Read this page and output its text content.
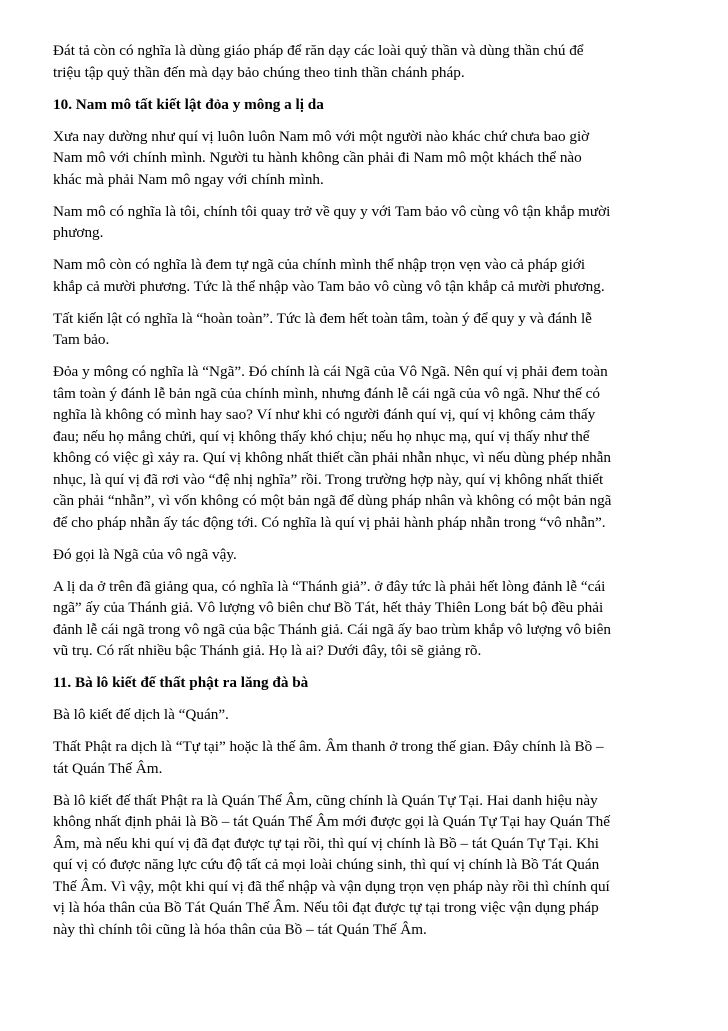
Đát tả còn có nghĩa là dùng giáo pháp để răn dạy các loài quỷ thần và dùng thần chú để
triệu tập quỷ thần đến mà dạy bảo chúng theo tinh thần chánh pháp.

10. Nam mô tất kiết lật đỏa y mông a lị da

Xưa nay dường như quí vị luôn luôn Nam mô với một người nào khác chứ chưa bao giờ
Nam mô với chính mình. Người tu hành không cần phải đi Nam mô một khách thể nào
khác mà phải Nam mô ngay với chính mình.

Nam mô có nghĩa là tôi, chính tôi quay trở về quy y với Tam bảo vô cùng vô tận khắp mười
phương.

Nam mô còn có nghĩa là đem tự ngã của chính mình thể nhập trọn vẹn vào cả pháp giới
khắp cả mười phương. Tức là thể nhập vào Tam bảo vô cùng vô tận khắp cả mười phương.

Tất kiến lật có nghĩa là “hoàn toàn”. Tức là đem hết toàn tâm, toàn ý để quy y và đánh lễ
Tam bảo.

Đỏa y mông có nghĩa là “Ngã”. Đó chính là cái Ngã của Vô Ngã. Nên quí vị phải đem toàn
tâm toàn ý đánh lễ bản ngã của chính mình, nhưng đánh lễ cái ngã của vô ngã. Như thế có
nghĩa là không có mình hay sao? Ví như khi có người đánh quí vị, quí vị không cảm thấy
đau; nếu họ mắng chửi, quí vị không thấy khó chịu; nếu họ nhục mạ, quí vị thấy như thể
không có việc gì xảy ra. Quí vị không nhất thiết cần phải nhẫn nhục, vì nếu dùng phép nhẫn
nhục, là quí vị đã rơi vào “đệ nhị nghĩa” rồi. Trong trường hợp này, quí vị không nhất thiết
cần phải “nhẫn”, vì vốn không có một bản ngã để dùng pháp nhân và không có một bản ngã
để cho pháp nhẫn ấy tác động tới. Có nghĩa là quí vị phải hành pháp nhẫn trong “vô nhẫn”.

Đó gọi là Ngã của vô ngã vậy.

A lị da ở trên đã giảng qua, có nghĩa là “Thánh giả”. ở đây tức là phải hết lòng đảnh lễ “cái
ngã” ấy của Thánh giả. Vô lượng vô biên chư Bồ Tát, hết thảy Thiên Long bát bộ đều phải
đảnh lễ cái ngã trong vô ngã của bậc Thánh giả. Cái ngã ấy bao trùm khắp vô lượng vô biên
vũ trụ. Có rất nhiều bậc Thánh giả. Họ là ai? Dưới đây, tôi sẽ giảng rõ.

11. Bà lô kiết đế thất phật ra lăng đà bà

Bà lô kiết đế dịch là “Quán”.

Thất Phật ra dịch là “Tự tại” hoặc là thế âm. Âm thanh ở trong thế gian. Đây chính là Bồ –
tát Quán Thế Âm.

Bà lô kiết đế thất Phật ra là Quán Thế Âm, cũng chính là Quán Tự Tại. Hai danh hiệu này
không nhất định phải là Bồ – tát Quán Thế Âm mới được gọi là Quán Tự Tại hay Quán Thế
Âm, mà nếu khi quí vị đã đạt được tự tại rồi, thì quí vị chính là Bồ – tát Quán Tự Tại. Khi
quí vị có được năng lực cứu độ tất cả mọi loài chúng sinh, thì quí vị chính là Bồ Tát Quán
Thế Âm. Vì vậy, một khi quí vị đã thể nhập và vận dụng trọn vẹn pháp này rồi thì chính quí
vị là hóa thân của Bồ Tát Quán Thế Âm. Nếu tôi đạt được tự tại trong việc vận dụng pháp
này thì chính tôi cũng là hóa thân của Bồ – tát Quán Thế Âm.
